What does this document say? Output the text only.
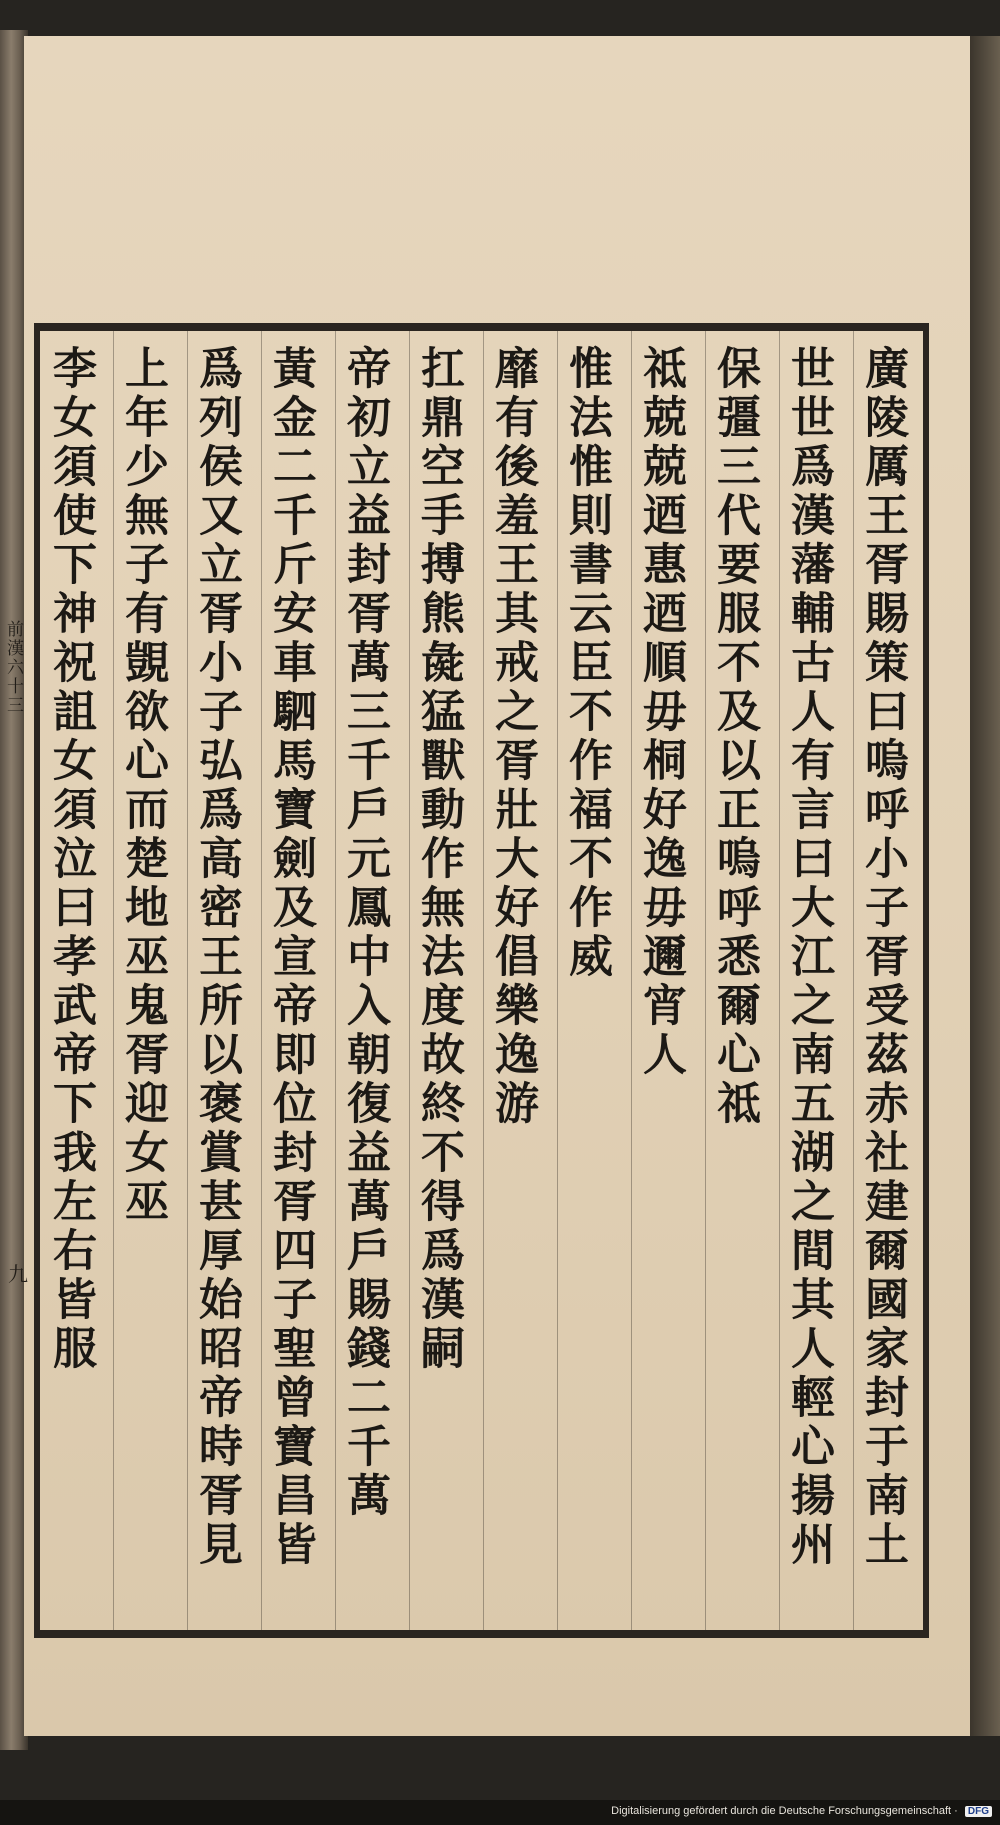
廣陵厲王胥賜策曰嗚呼小子胥受茲赤社建爾國家封于南土
世世爲漢藩輔古人有言曰大江之南五湖之間其人輕心揚州
保彊三代要服不及以正嗚呼悉爾心祗
祗兢兢迺惠迺順毋桐好逸毋邇宵人
惟法惟則書云臣不作福不作威
靡有後羞王其戒之胥壯大好倡樂逸游
扛鼎空手搏熊彘猛獸動作無法度故終不得爲漢嗣
帝初立益封胥萬三千戶元鳳中入朝復益萬戶賜錢二千萬
黃金二千斤安車駟馬寶劍及宣帝即位封胥四子聖曾寶昌皆
爲列侯又立胥小子弘爲高密王所以褒賞甚厚始昭帝時胥見
上年少無子有覬欲心而楚地巫鬼胥迎女巫
李女須使下神祝詛女須泣曰孝武帝下我左右皆服
前漢六十三
九
Digitalisierung gefördert durch die Deutsche Forschungsgemeinschaft · DFG
